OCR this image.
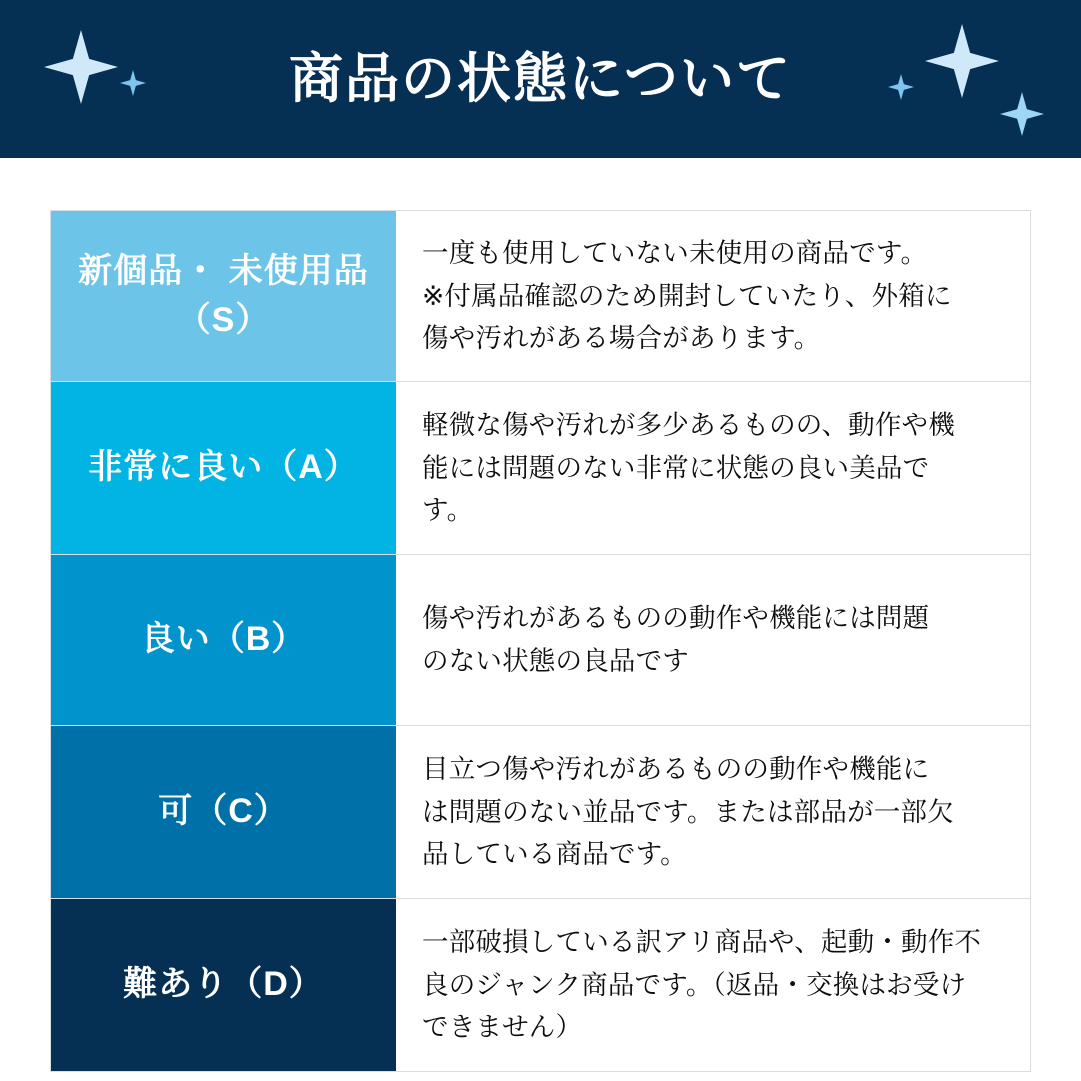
商品の状態について
新個品・ 未使用品（S）
一度も使用していない未使用の商品です。
※付属品確認のため開封していたり、外箱に
傷や汚れがある場合があります。
非常に良い（A）
軽微な傷や汚れが多少あるものの、動作や機
能には問題のない非常に状態の良い美品で
す。
良い（B）
傷や汚れがあるものの動作や機能には問題
のない状態の良品です
可（C）
目立つ傷や汚れがあるものの動作や機能に
は問題のない並品です。または部品が一部欠
品している商品です。
難あり（D）
一部破損している訳アリ商品や、起動・動作不
良のジャンク商品です。（返品・交換はお受け
できません）
